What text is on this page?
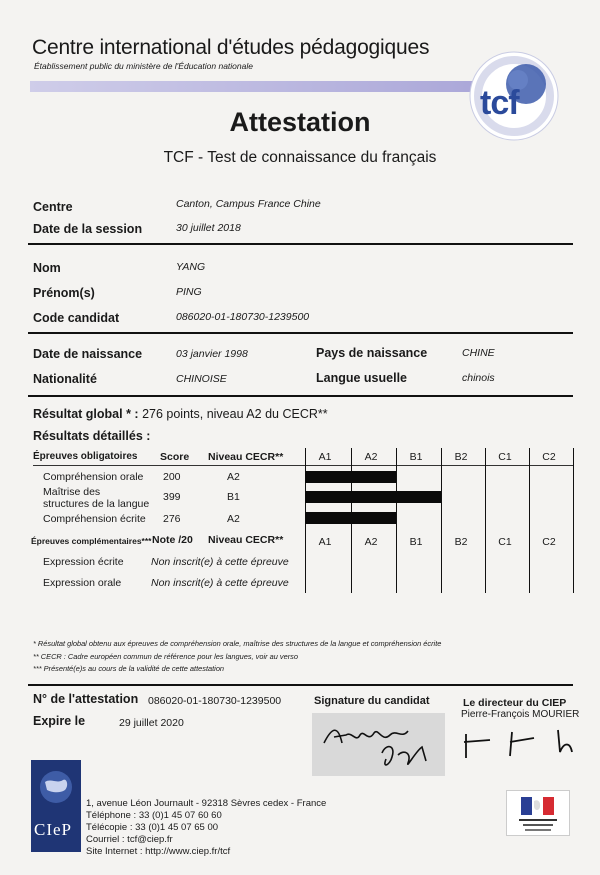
Centre international d'études pédagogiques
Établissement public du ministère de l'Éducation nationale
tcf
Attestation
TCF - Test de connaissance du français
Centre	Canton, Campus France Chine
Date de la session	30 juillet 2018
Nom	YANG
Prénom(s)	PING
Code candidat	086020-01-180730-1239500
Date de naissance	03 janvier 1998	Pays de naissance	CHINE
Nationalité	CHINOISE	Langue usuelle	chinois
Résultat global * : 276 points, niveau A2 du CECR**
Résultats détaillés :
Épreuves obligatoires Score Niveau CECR**	A1	A2	B1	B2	C1	C2
Compréhension orale 200	A2
Maîtrise des
structures de la langue
399	B1
Compréhension écrite 276	A2
Épreuves complémentaires*** Note /20 Niveau CECR**	A1	A2	B1	B2	C1	C2
Expression écrite	Non inscrit(e) à cette épreuve
Expression orale	Non inscrit(e) à cette épreuve
* Résultat global obtenu aux épreuves de compréhension orale, maîtrise des structures de la langue et compréhension écrite
** CECR : Cadre européen commun de référence pour les langues, voir au verso
*** Présenté(e)s au cours de la validité de cette attestation
N° de l'attestation 086020-01-180730-1239500
Expire le	29 juillet 2020
Signature du candidat	Le directeur du CIEP
Pierre-François MOURIER
CIeP
1, avenue Léon Journault - 92318 Sèvres cedex - France
Téléphone : 33 (0)1 45 07 60 60
Télécopie : 33 (0)1 45 07 65 00
Courriel : tcf@ciep.fr
Site Internet : http://www.ciep.fr/tcf
